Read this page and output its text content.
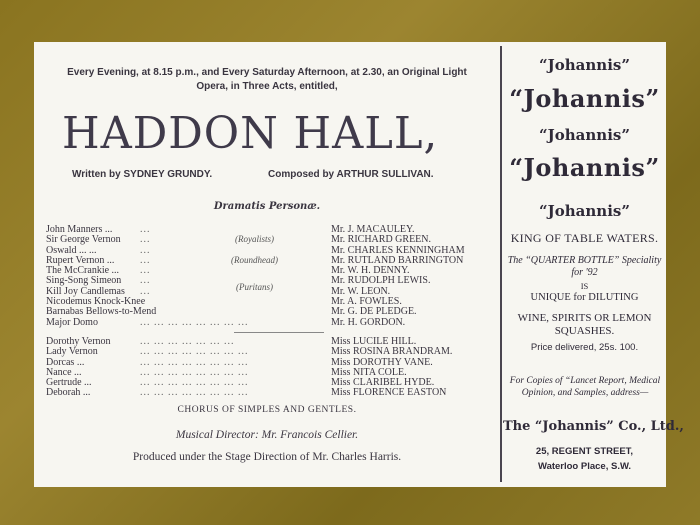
Every Evening, at 8.15 p.m., and Every Saturday Afternoon, at 2.30, an Original Light
Opera, in Three Acts, entitled,
HADDON HALL,
Written by SYDNEY GRUNDY.	Composed by ARTHUR SULLIVAN.
Dramatis Personæ.
(Royalists)
(Roundhead)
(Puritans)
John Manners ...	...	Mr. J. MACAULEY.
Sir George Vernon ...	Mr. RICHARD GREEN.
Oswald ... ...	...	Mr. CHARLES KENNINGHAM
Rupert Vernon ...	...	Mr. RUTLAND BARRINGTON
The McCrankie ... ...	Mr. W. H. DENNY.
Sing-Song Simeon ...	Mr. RUDOLPH LEWIS.
Kill Joy Candlemas ...	Mr. W. LEON.
Nicodemus Knock-Knee	Mr. A. FOWLES.
Barnabas Bellows-to-Mend	Mr. G. DE PLEDGE.
Major Domo	... ... ... ... ... ... ... ...	Mr. H. GORDON.
Dorothy Vernon	... ... ... ... ... ... ...	Miss LUCILE HILL.
Lady Vernon	... ... ... ... ... ... ... ...	Miss ROSINA BRANDRAM.
Dorcas ...	... ... ... ... ... ... ... ...	Miss DOROTHY VANE.
Nance ...	... ... ... ... ... ... ... ...	Miss NITA COLE.
Gertrude ...	... ... ... ... ... ... ... ...	Miss CLARIBEL HYDE.
Deborah ...	... ... ... ... ... ... ... ...	Miss FLORENCE EASTON
CHORUS OF SIMPLES AND GENTLES.
Musical Director: Mr. Francois Cellier.
Produced under the Stage Direction of Mr. Charles Harris.
“Johannis”
“Johannis”
“Johannis”
“Johannis”
“Johannis”
KING OF TABLE WATERS.
The “QUARTER BOTTLE” Speciality for '92
IS
UNIQUE for DILUTING
WINE, SPIRITS OR LEMON SQUASHES.
Price delivered, 25s. 100.
For Copies of “Lancet Report, Medical Opinion, and Samples, address—
The “Johannis” Co., Ltd.,
25, REGENT STREET,
Waterloo Place, S.W.
